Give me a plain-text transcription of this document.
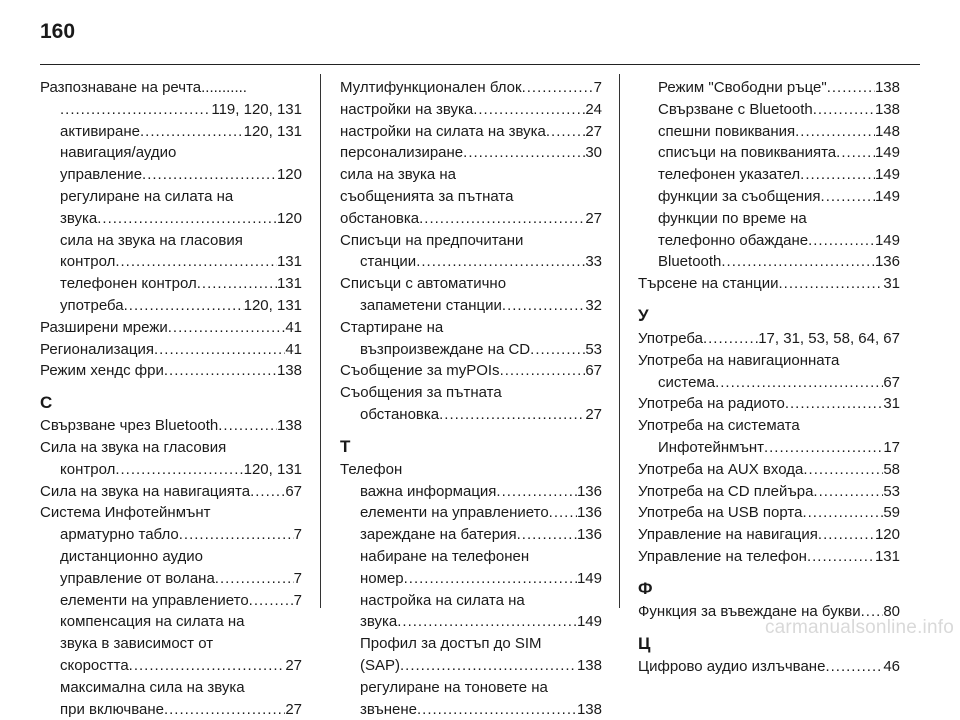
160
Разпознаване на речта...........
.....
119, 120, 131
активиране .....	120, 131
навигация/аудио
управление .....	120
регулиране на силата на
звука .....	120
сила на звука на гласовия
контрол .....	131
телефонен контрол .....	131
употреба .....	120, 131
Разширени мрежи .....	41
Регионализация .....	41
Режим хендс фри .....	138
С
Свързване чрез Bluetooth .....	138
Сила на звука на гласовия
контрол .....	120, 131
Сила на звука на навигацията ..... 67
Система Инфотейнмънт
арматурно табло .....	7
дистанционно аудио
управление от волана .....	7
елементи на управлението .....	7
компенсация на силата на
звука в зависимост от
скоростта .....	27
максимална сила на звука
при включване .....	27
Мултифункционален блок .....	7
настройки на звука .....	24
настройки на силата на звука .....	27
персонализиране .....	30
сила на звука на
съобщенията за пътната
обстановка .....	27
Списъци на предпочитани
станции .....	33
Списъци с автоматично
запаметени станции .....	32
Стартиране на
възпроизвеждане на CD .....	53
Съобщение за myPOIs .....	67
Съобщения за пътната
обстановка .....	27
Т
Телефон
важна информация .....	136
елементи на управлението ..... 136
зареждане на батерия .....	136
набиране на телефонен
номер .....	149
настройка на силата на
звука .....	149
Профил за достъп до SIM
(SAP) .....	138
регулиране на тоновете на
звънене .....	138
Режим "Свободни ръце" .....	138
Свързване с Bluetooth .....	138
спешни повиквания .....	148
списъци на повикванията .....	149
телефонен указател .....	149
функции за съобщения .....	149
функции по време на
телефонно обаждане .....	149
Bluetooth .....	136
Търсене на станции .....	31
У
Употреба .....	17, 31, 53, 58, 64, 67
Употреба на навигационната
система .....	67
Употреба на радиото .....	31
Употреба на системата
Инфотейнмънт .....	17
Употреба на AUX входа .....	58
Употреба на CD плейъра .....	53
Употреба на USB порта .....	59
Управление на навигация .....	120
Управление на телефон .....	131
Ф
Функция за въвеждане на букви ..... 80
Ц
Цифрово аудио излъчване .....	46
carmanualsonline.info
